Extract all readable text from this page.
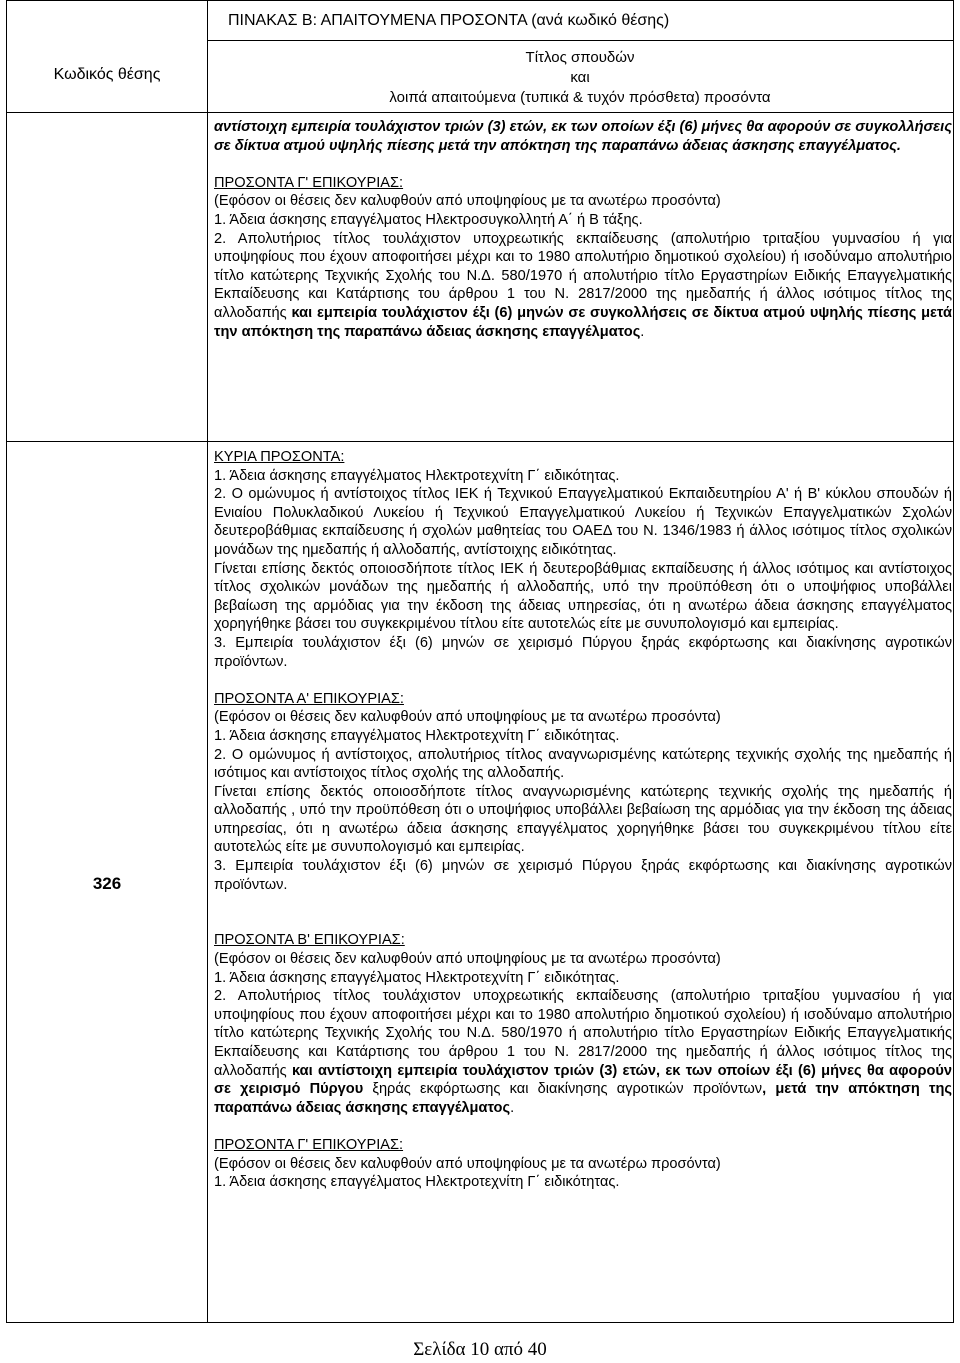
ΠΙΝΑΚΑΣ Β: ΑΠΑΙΤΟΥΜΕΝΑ ΠΡΟΣΟΝΤΑ (ανά κωδικό θέσης)
Κωδικός θέσης
Τίτλος σπουδών
και
λοιπά απαιτούμενα (τυπικά & τυχόν πρόσθετα) προσόντα

αντίστοιχη εμπειρία τουλάχιστον τριών (3) ετών, εκ των οποίων έξι (6) μήνες θα αφορούν σε συγκολλήσεις σε δίκτυα ατμού υψηλής πίεσης μετά την απόκτηση της παραπάνω άδειας άσκησης επαγγέλματος.

ΠΡΟΣΟΝΤΑ Γ' ΕΠΙΚΟΥΡΙΑΣ:

(Εφόσον οι θέσεις δεν καλυφθούν από υποψηφίους με τα ανωτέρω προσόντα)

1. Άδεια άσκησης επαγγέλματος Ηλεκτροσυγκολλητή Α΄ ή Β τάξης.

2. Απολυτήριος τίτλος τουλάχιστον υποχρεωτικής εκπαίδευσης (απολυτήριο τριταξίου γυμνασίου ή για υποψηφίους που έχουν αποφοιτήσει μέχρι και το 1980 απολυτήριο δημοτικού σχολείου) ή ισοδύναμο απολυτήριο τίτλο κατώτερης Τεχνικής Σχολής του Ν.Δ. 580/1970 ή απολυτήριο τίτλο Εργαστηρίων Ειδικής Επαγγελματικής Εκπαίδευσης και Κατάρτισης του άρθρου 1 του Ν. 2817/2000 της ημεδαπής ή άλλος ισότιμος τίτλος της αλλοδαπής και εμπειρία τουλάχιστον έξι (6) μηνών σε συγκολλήσεις σε δίκτυα ατμού υψηλής πίεσης μετά την απόκτηση της παραπάνω άδειας άσκησης επαγγέλματος.

326

ΚΥΡΙΑ ΠΡΟΣΟΝΤΑ:

1. Άδεια άσκησης επαγγέλματος Ηλεκτροτεχνίτη Γ΄ ειδικότητας.

2. Ο ομώνυμος ή αντίστοιχος τίτλος ΙΕΚ ή Τεχνικού Επαγγελματικού Εκπαιδευτηρίου Α' ή Β' κύκλου σπουδών ή Ενιαίου Πολυκλαδικού Λυκείου ή Τεχνικού Επαγγελματικού Λυκείου ή Τεχνικών Επαγγελματικών Σχολών δευτεροβάθμιας εκπαίδευσης ή σχολών μαθητείας του ΟΑΕΔ του Ν. 1346/1983 ή άλλος ισότιμος τίτλος σχολικών μονάδων της ημεδαπής ή αλλοδαπής, αντίστοιχης ειδικότητας.

Γίνεται επίσης δεκτός οποιοσδήποτε τίτλος ΙΕΚ ή δευτεροβάθμιας εκπαίδευσης ή άλλος ισότιμος και αντίστοιχος τίτλος σχολικών μονάδων της ημεδαπής ή αλλοδαπής, υπό την προϋπόθεση ότι ο υποψήφιος υποβάλλει βεβαίωση της αρμόδιας για την έκδοση της άδειας υπηρεσίας, ότι η ανωτέρω άδεια άσκησης επαγγέλματος χορηγήθηκε βάσει του συγκεκριμένου τίτλου είτε αυτοτελώς είτε με συνυπολογισμό και εμπειρίας.

3. Εμπειρία τουλάχιστον έξι (6) μηνών σε χειρισμό Πύργου ξηράς εκφόρτωσης και διακίνησης αγροτικών προϊόντων.

ΠΡΟΣΟΝΤΑ Α' ΕΠΙΚΟΥΡΙΑΣ:

(Εφόσον οι θέσεις δεν καλυφθούν από υποψηφίους με τα ανωτέρω προσόντα)

1. Άδεια άσκησης επαγγέλματος Ηλεκτροτεχνίτη Γ΄ ειδικότητας.

2. Ο ομώνυμος ή αντίστοιχος, απολυτήριος τίτλος αναγνωρισμένης κατώτερης τεχνικής σχολής της ημεδαπής ή ισότιμος και αντίστοιχος τίτλος σχολής της αλλοδαπής.

Γίνεται επίσης δεκτός οποιοσδήποτε τίτλος αναγνωρισμένης κατώτερης τεχνικής σχολής της ημεδαπής ή αλλοδαπής , υπό την προϋπόθεση ότι ο υποψήφιος υποβάλλει βεβαίωση της αρμόδιας για την έκδοση της άδειας υπηρεσίας, ότι η ανωτέρω άδεια άσκησης επαγγέλματος χορηγήθηκε βάσει του συγκεκριμένου τίτλου είτε αυτοτελώς είτε με συνυπολογισμό και εμπειρίας.

3. Εμπειρία τουλάχιστον έξι (6) μηνών σε χειρισμό Πύργου ξηράς εκφόρτωσης και διακίνησης αγροτικών προϊόντων.

ΠΡΟΣΟΝΤΑ Β' ΕΠΙΚΟΥΡΙΑΣ:

(Εφόσον οι θέσεις δεν καλυφθούν από υποψηφίους με τα ανωτέρω προσόντα)

1. Άδεια άσκησης επαγγέλματος Ηλεκτροτεχνίτη Γ΄ ειδικότητας.

2. Απολυτήριος τίτλος τουλάχιστον υποχρεωτικής εκπαίδευσης (απολυτήριο τριταξίου γυμνασίου ή για υποψηφίους που έχουν αποφοιτήσει μέχρι και το 1980 απολυτήριο δημοτικού σχολείου) ή ισοδύναμο απολυτήριο τίτλο κατώτερης Τεχνικής Σχολής του Ν.Δ. 580/1970 ή απολυτήριο τίτλο Εργαστηρίων Ειδικής Επαγγελματικής Εκπαίδευσης και Κατάρτισης του άρθρου 1 του Ν. 2817/2000 της ημεδαπής ή άλλος ισότιμος τίτλος της αλλοδαπής και αντίστοιχη εμπειρία τουλάχιστον τριών (3) ετών, εκ των οποίων έξι (6) μήνες θα αφορούν σε χειρισμό Πύργου ξηράς εκφόρτωσης και διακίνησης αγροτικών προϊόντων, μετά την απόκτηση της παραπάνω άδειας άσκησης επαγγέλματος.

ΠΡΟΣΟΝΤΑ Γ' ΕΠΙΚΟΥΡΙΑΣ:

(Εφόσον οι θέσεις δεν καλυφθούν από υποψηφίους με τα ανωτέρω προσόντα)

1. Άδεια άσκησης επαγγέλματος Ηλεκτροτεχνίτη Γ΄ ειδικότητας.

Σελίδα 10 από 40
